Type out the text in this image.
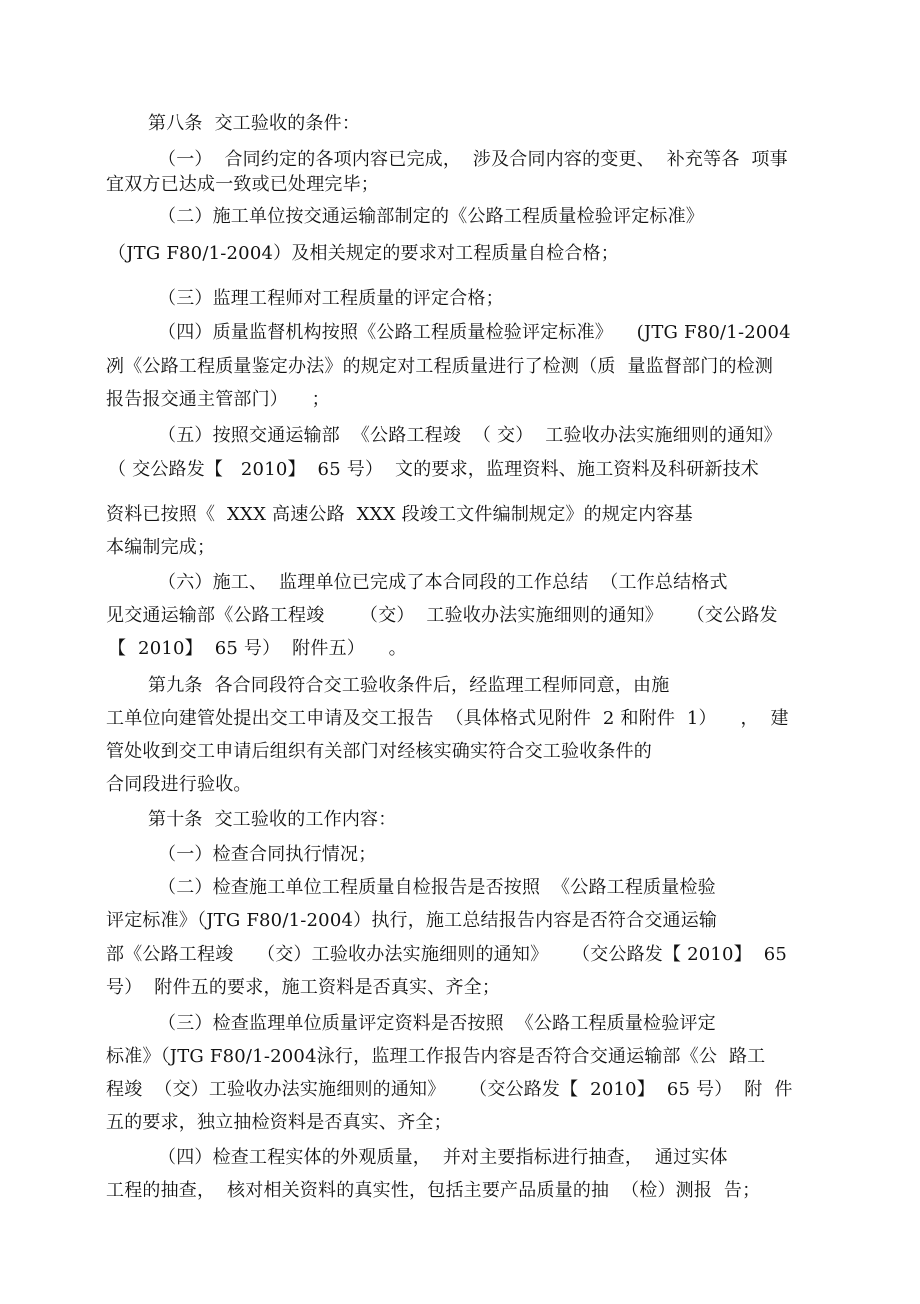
第八条  交工验收的条件：
（一）  合同约定的各项内容已完成，  涉及合同内容的变更、  补充等各  项事
宜双方已达成一致或已处理完毕；
（二）施工单位按交通运输部制定的《公路工程质量检验评定标准》
（JTG F80/1-2004）及相关规定的要求对工程质量自检合格；
（三）监理工程师对工程质量的评定合格；
（四）质量监督机构按照《公路工程质量检验评定标准》    (JTG F80/1-2004
冽《公路工程质量鉴定办法》的规定对工程质量进行了检测（质  量监督部门的检测
报告报交通主管部门）    ；
（五）按照交通运输部  《公路工程竣  （ 交）  工验收办法实施细则的通知》
（ 交公路发【   2010】  65 号）  文的要求，监理资料、施工资料及科研新技术
资料已按照《  XXX 高速公路  XXX 段竣工文件编制规定》的规定内容基
本编制完成；
（六）施工、  监理单位已完成了本合同段的工作总结  （工作总结格式
见交通运输部《公路工程竣      （交）  工验收办法实施细则的通知》    （交公路发
【  2010】  65 号）  附件五）    。
第九条  各合同段符合交工验收条件后，经监理工程师同意，由施
工单位向建管处提出交工申请及交工报告  （具体格式见附件  2 和附件  1）    ，  建
管处收到交工申请后组织有关部门对经核实确实符合交工验收条件的
合同段进行验收。
第十条  交工验收的工作内容：
（一）检查合同执行情况；
（二）检查施工单位工程质量自检报告是否按照  《公路工程质量检验
评定标准》（JTG F80/1-2004）执行，施工总结报告内容是否符合交通运输
部《公路工程竣    （交）工验收办法实施细则的通知》    （交公路发【 2010】  65
号）  附件五的要求，施工资料是否真实、齐全；
（三）检查监理单位质量评定资料是否按照  《公路工程质量检验评定
标准》（JTG F80/1-2004泳行，监理工作报告内容是否符合交通运输部《公  路工
程竣  （交）工验收办法实施细则的通知》    （交公路发【  2010】  65 号）  附  件
五的要求，独立抽检资料是否真实、齐全；
（四）检查工程实体的外观质量，  并对主要指标进行抽查，  通过实体
工程的抽查，  核对相关资料的真实性，包括主要产品质量的抽  （检）测报  告；
